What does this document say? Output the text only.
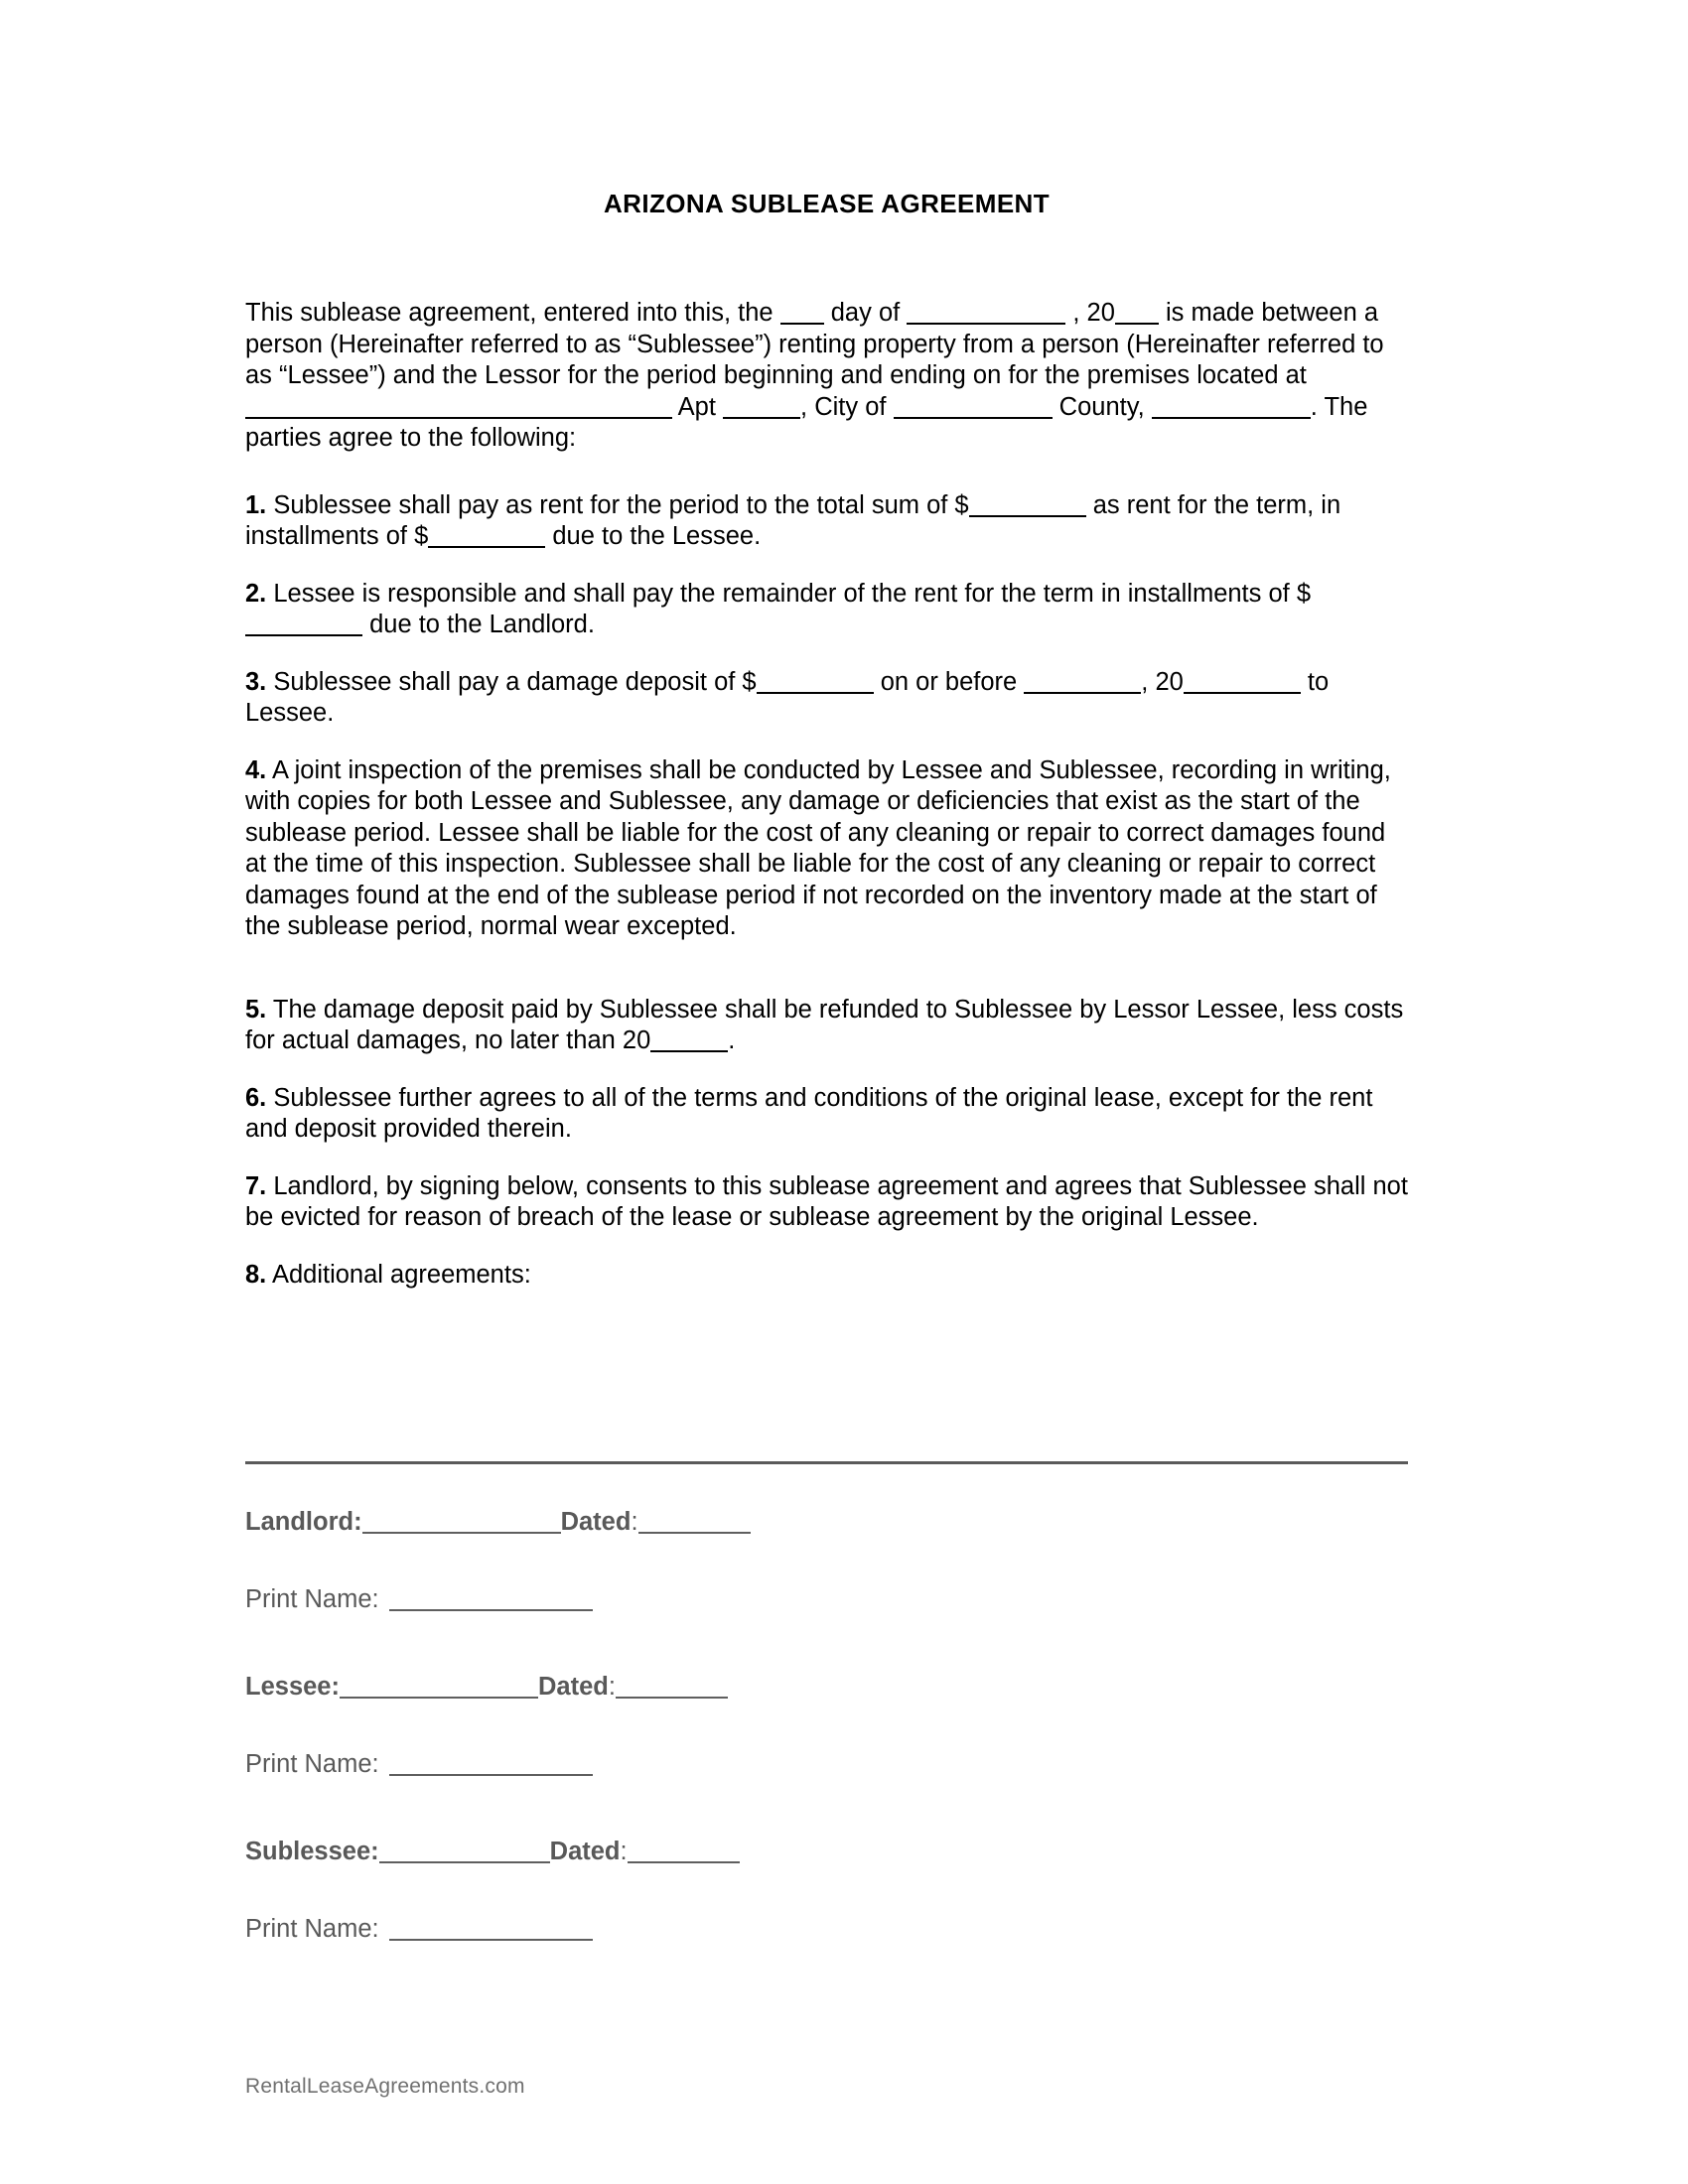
ARIZONA SUBLEASE AGREEMENT

This sublease agreement, entered into this, the  day of	, 20 is made between a person (Hereinafter referred to as “Sublessee”) renting property from a person (Hereinafter referred to as “Lessee”) and the Lessor for the period beginning and ending on for the premises located at  Apt	, City of	County,	. The parties agree to the following:

1. Sublessee shall pay as rent for the period to the total sum of $	as rent for the term, in installments of $	due to the Lessee.

2. Lessee is responsible and shall pay the remainder of the rent for the term in installments of $ due to the Landlord.

3. Sublessee shall pay a damage deposit of $	on or before	, 20	to Lessee.

4. A joint inspection of the premises shall be conducted by Lessee and Sublessee, recording in writing, with copies for both Lessee and Sublessee, any damage or deficiencies that exist as the start of the sublease period. Lessee shall be liable for the cost of any cleaning or repair to correct damages found at the time of this inspection. Sublessee shall be liable for the cost of any cleaning or repair to correct damages found at the end of the sublease period if not recorded on the inventory made at the start of the sublease period, normal wear excepted.

5. The damage deposit paid by Sublessee shall be refunded to Sublessee by Lessor Lessee, less costs for actual damages, no later than 20	.

6. Sublessee further agrees to all of the terms and conditions of the original lease, except for the rent and deposit provided therein.

7. Landlord, by signing below, consents to this sublease agreement and agrees that Sublessee shall not be evicted for reason of breach of the lease or sublease agreement by the original Lessee.

8. Additional agreements:

Landlord:	Dated:
Print Name:
Lessee:	Dated:
Print Name:
Sublessee:	Dated:
Print Name:
RentalLeaseAgreements.com
